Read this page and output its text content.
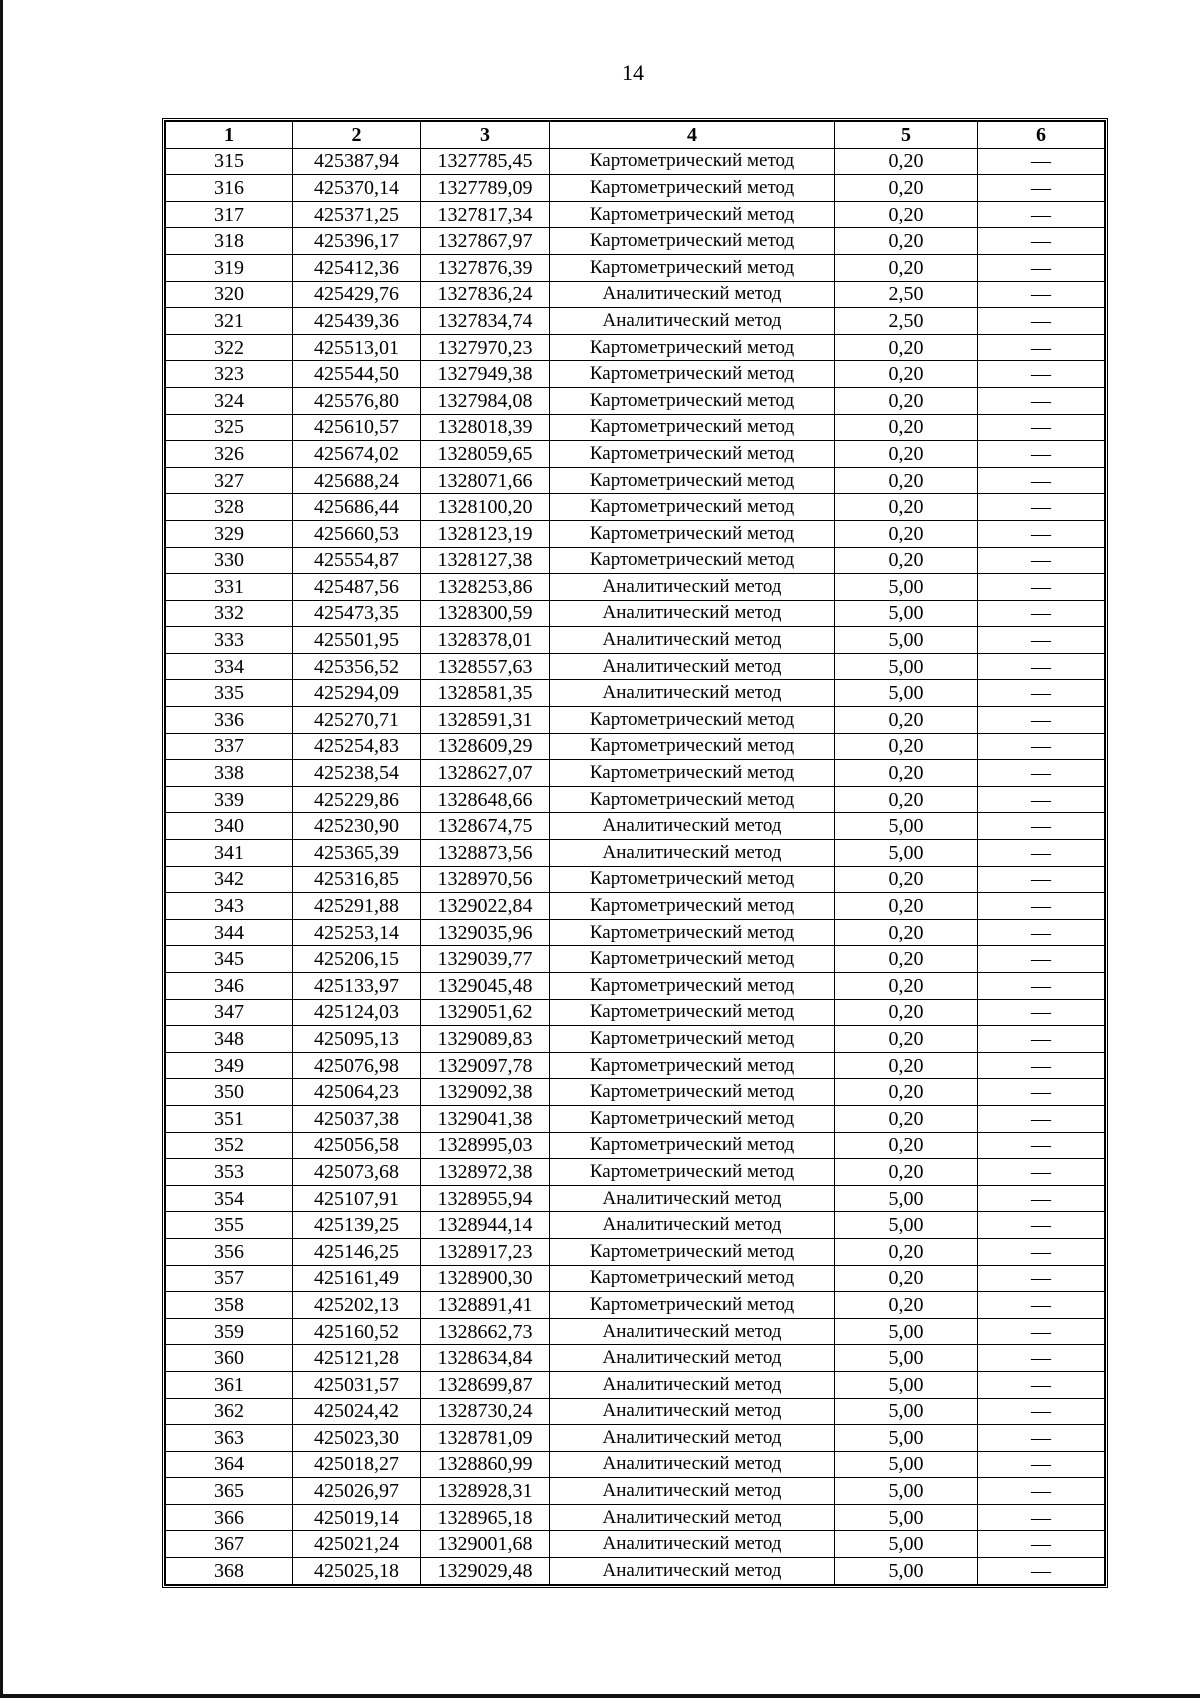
14
1	2	3	4	5	6
315	425387,94	1327785,45	Картометрический метод	0,20	—
316	425370,14	1327789,09	Картометрический метод	0,20	—
317	425371,25	1327817,34	Картометрический метод	0,20	—
318	425396,17	1327867,97	Картометрический метод	0,20	—
319	425412,36	1327876,39	Картометрический метод	0,20	—
320	425429,76	1327836,24	Аналитический метод	2,50	—
321	425439,36	1327834,74	Аналитический метод	2,50	—
322	425513,01	1327970,23	Картометрический метод	0,20	—
323	425544,50	1327949,38	Картометрический метод	0,20	—
324	425576,80	1327984,08	Картометрический метод	0,20	—
325	425610,57	1328018,39	Картометрический метод	0,20	—
326	425674,02	1328059,65	Картометрический метод	0,20	—
327	425688,24	1328071,66	Картометрический метод	0,20	—
328	425686,44	1328100,20	Картометрический метод	0,20	—
329	425660,53	1328123,19	Картометрический метод	0,20	—
330	425554,87	1328127,38	Картометрический метод	0,20	—
331	425487,56	1328253,86	Аналитический метод	5,00	—
332	425473,35	1328300,59	Аналитический метод	5,00	—
333	425501,95	1328378,01	Аналитический метод	5,00	—
334	425356,52	1328557,63	Аналитический метод	5,00	—
335	425294,09	1328581,35	Аналитический метод	5,00	—
336	425270,71	1328591,31	Картометрический метод	0,20	—
337	425254,83	1328609,29	Картометрический метод	0,20	—
338	425238,54	1328627,07	Картометрический метод	0,20	—
339	425229,86	1328648,66	Картометрический метод	0,20	—
340	425230,90	1328674,75	Аналитический метод	5,00	—
341	425365,39	1328873,56	Аналитический метод	5,00	—
342	425316,85	1328970,56	Картометрический метод	0,20	—
343	425291,88	1329022,84	Картометрический метод	0,20	—
344	425253,14	1329035,96	Картометрический метод	0,20	—
345	425206,15	1329039,77	Картометрический метод	0,20	—
346	425133,97	1329045,48	Картометрический метод	0,20	—
347	425124,03	1329051,62	Картометрический метод	0,20	—
348	425095,13	1329089,83	Картометрический метод	0,20	—
349	425076,98	1329097,78	Картометрический метод	0,20	—
350	425064,23	1329092,38	Картометрический метод	0,20	—
351	425037,38	1329041,38	Картометрический метод	0,20	—
352	425056,58	1328995,03	Картометрический метод	0,20	—
353	425073,68	1328972,38	Картометрический метод	0,20	—
354	425107,91	1328955,94	Аналитический метод	5,00	—
355	425139,25	1328944,14	Аналитический метод	5,00	—
356	425146,25	1328917,23	Картометрический метод	0,20	—
357	425161,49	1328900,30	Картометрический метод	0,20	—
358	425202,13	1328891,41	Картометрический метод	0,20	—
359	425160,52	1328662,73	Аналитический метод	5,00	—
360	425121,28	1328634,84	Аналитический метод	5,00	—
361	425031,57	1328699,87	Аналитический метод	5,00	—
362	425024,42	1328730,24	Аналитический метод	5,00	—
363	425023,30	1328781,09	Аналитический метод	5,00	—
364	425018,27	1328860,99	Аналитический метод	5,00	—
365	425026,97	1328928,31	Аналитический метод	5,00	—
366	425019,14	1328965,18	Аналитический метод	5,00	—
367	425021,24	1329001,68	Аналитический метод	5,00	—
368	425025,18	1329029,48	Аналитический метод	5,00	—
